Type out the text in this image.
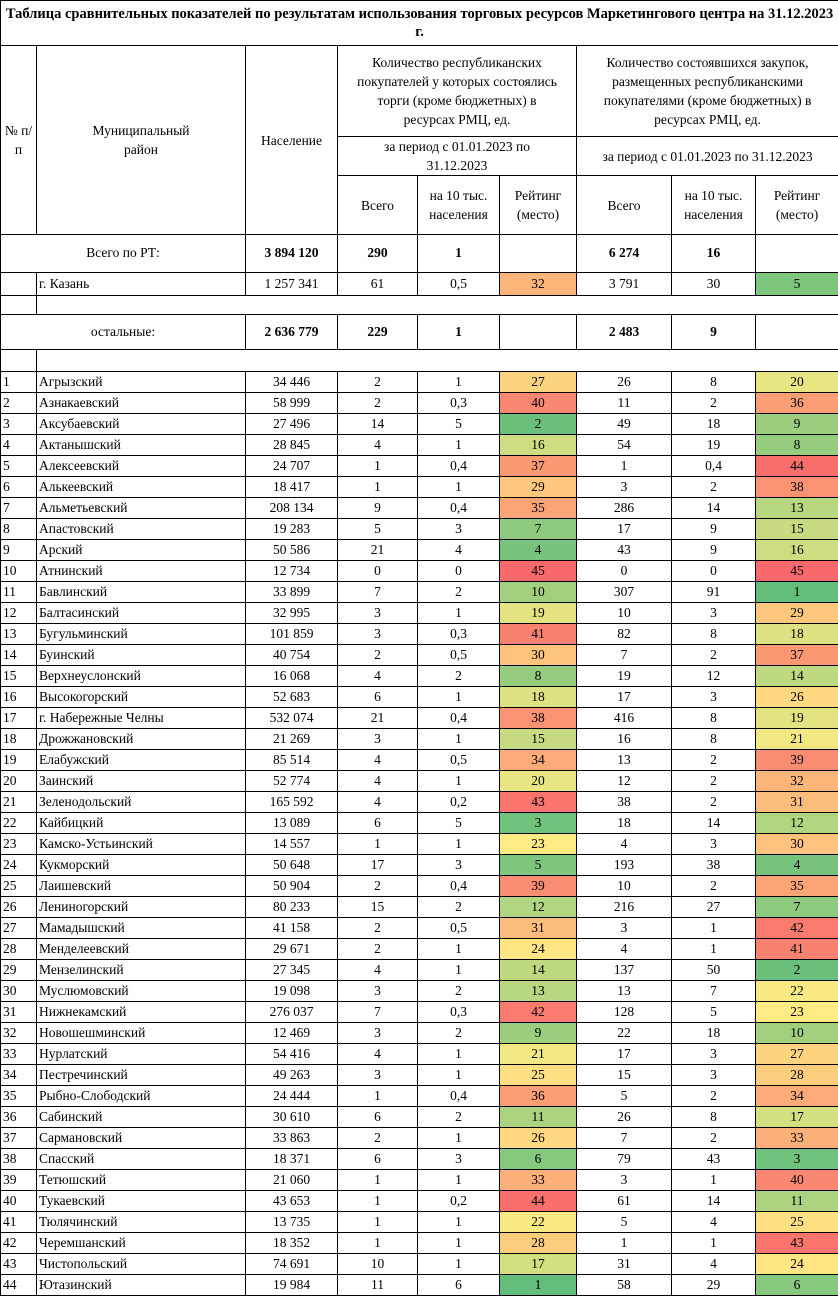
Таблица сравнительных показателей по результатам использования торговых ресурсов Маркетингового центра на 31.12.2023 г.								
№ п/п	Муниципальный район	Население	Количество республиканских покупателей у которых состоялись торги (кроме бюджетных) в ресурсах РМЦ, ед.			Количество состоявшихся закупок, размещенных республиканскими покупателями (кроме бюджетных) в ресурсах РМЦ, ед.		
			за период с 01.01.2023 по 31.12.2023			за период с 01.01.2023 по 31.12.2023		
			Всего	на 10 тыс. населения	Рейтинг (место)	Всего	на 10 тыс. населения	Рейтинг (место)
Всего по РТ:		3 894 120	290	1		6 274	16	
	г. Казань	1 257 341	61	0,5	32	3 791	30	5

остальные:		2 636 779	229	1		2 483	9	

1	Агрызский	34 446	2	1	27	26	8	20
2	Азнакаевский	58 999	2	0,3	40	11	2	36
3	Аксубаевский	27 496	14	5	2	49	18	9
4	Актанышский	28 845	4	1	16	54	19	8
5	Алексеевский	24 707	1	0,4	37	1	0,4	44
6	Алькеевский	18 417	1	1	29	3	2	38
7	Альметьевский	208 134	9	0,4	35	286	14	13
8	Апастовский	19 283	5	3	7	17	9	15
9	Арский	50 586	21	4	4	43	9	16
10	Атнинский	12 734	0	0	45	0	0	45
11	Бавлинский	33 899	7	2	10	307	91	1
12	Балтасинский	32 995	3	1	19	10	3	29
13	Бугульминский	101 859	3	0,3	41	82	8	18
14	Буинский	40 754	2	0,5	30	7	2	37
15	Верхнеуслонский	16 068	4	2	8	19	12	14
16	Высокогорский	52 683	6	1	18	17	3	26
17	г. Набережные Челны	532 074	21	0,4	38	416	8	19
18	Дрожжановский	21 269	3	1	15	16	8	21
19	Елабужский	85 514	4	0,5	34	13	2	39
20	Заинский	52 774	4	1	20	12	2	32
21	Зеленодольский	165 592	4	0,2	43	38	2	31
22	Кайбицкий	13 089	6	5	3	18	14	12
23	Камско-Устьинский	14 557	1	1	23	4	3	30
24	Кукморский	50 648	17	3	5	193	38	4
25	Лаишевский	50 904	2	0,4	39	10	2	35
26	Лениногорский	80 233	15	2	12	216	27	7
27	Мамадышский	41 158	2	0,5	31	3	1	42
28	Менделеевский	29 671	2	1	24	4	1	41
29	Мензелинский	27 345	4	1	14	137	50	2
30	Муслюмовский	19 098	3	2	13	13	7	22
31	Нижнекамский	276 037	7	0,3	42	128	5	23
32	Новошешминский	12 469	3	2	9	22	18	10
33	Нурлатский	54 416	4	1	21	17	3	27
34	Пестречинский	49 263	3	1	25	15	3	28
35	Рыбно-Слободский	24 444	1	0,4	36	5	2	34
36	Сабинский	30 610	6	2	11	26	8	17
37	Сармановский	33 863	2	1	26	7	2	33
38	Спасский	18 371	6	3	6	79	43	3
39	Тетюшский	21 060	1	1	33	3	1	40
40	Тукаевский	43 653	1	0,2	44	61	14	11
41	Тюлячинский	13 735	1	1	22	5	4	25
42	Черемшанский	18 352	1	1	28	1	1	43
43	Чистопольский	74 691	10	1	17	31	4	24
44	Ютазинский	19 984	11	6	1	58	29	6
